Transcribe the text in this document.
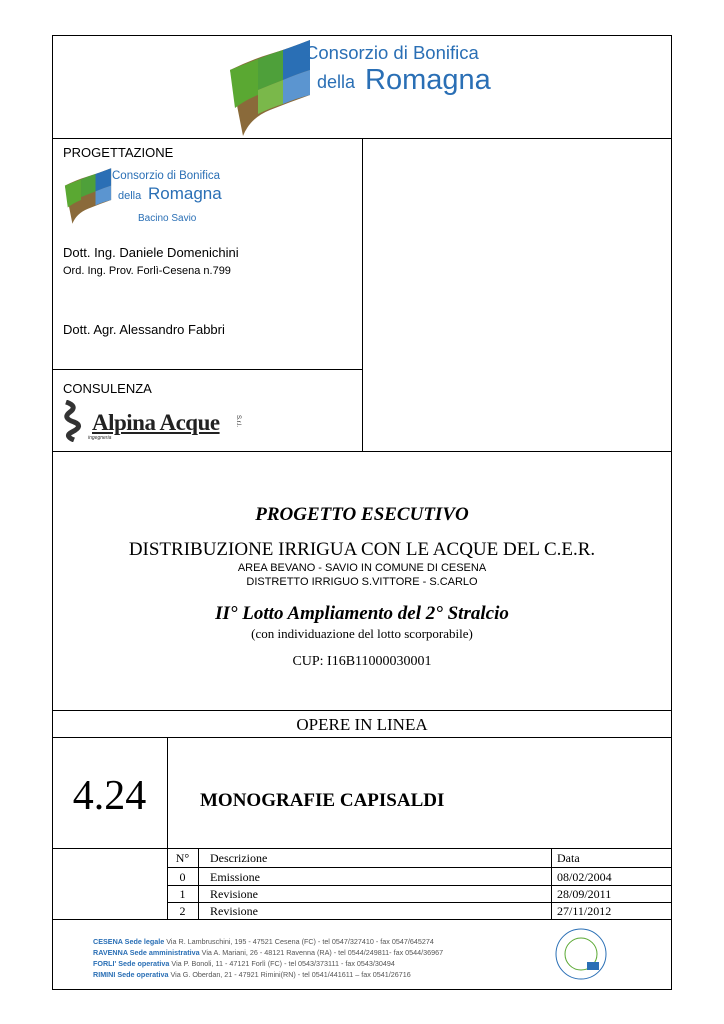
Consorzio di Bonifica
della Romagna
PROGETTAZIONE
Consorzio di Bonifica
della Romagna
Bacino Savio
Dott. Ing. Daniele Domenichini
Ord. Ing. Prov. Forlì-Cesena n.799
Dott. Agr. Alessandro Fabbri
CONSULENZA
Alpina Acque
ingegneria
S.r.l.
PROGETTO ESECUTIVO
DISTRIBUZIONE IRRIGUA CON LE ACQUE DEL C.E.R.
AREA BEVANO - SAVIO IN COMUNE DI CESENA
DISTRETTO IRRIGUO S.VITTORE - S.CARLO
II° Lotto Ampliamento del 2° Stralcio
(con individuazione del lotto scorporabile)
CUP: I16B11000030001
OPERE IN LINEA
4.24	MONOGRAFIE CAPISALDI
N°	Descrizione	Data
0	Emissione	08/02/2004
1	Revisione	28/09/2011
2	Revisione	27/11/2012
CESENA Sede legale Via R. Lambruschini, 195 - 47521 Cesena (FC) - tel 0547/327410 - fax 0547/645274
RAVENNA Sede amministrativa Via A. Mariani, 26 - 48121 Ravenna (RA) - tel 0544/249811- fax 0544/36967
FORLI' Sede operativa Via P. Bonoli, 11 - 47121 Forlì (FC) - tel 0543/373111 - fax 0543/30494
RIMINI Sede operativa Via G. Oberdan, 21 - 47921 Rimini(RN) - tel 0541/441611 – fax 0541/26716
